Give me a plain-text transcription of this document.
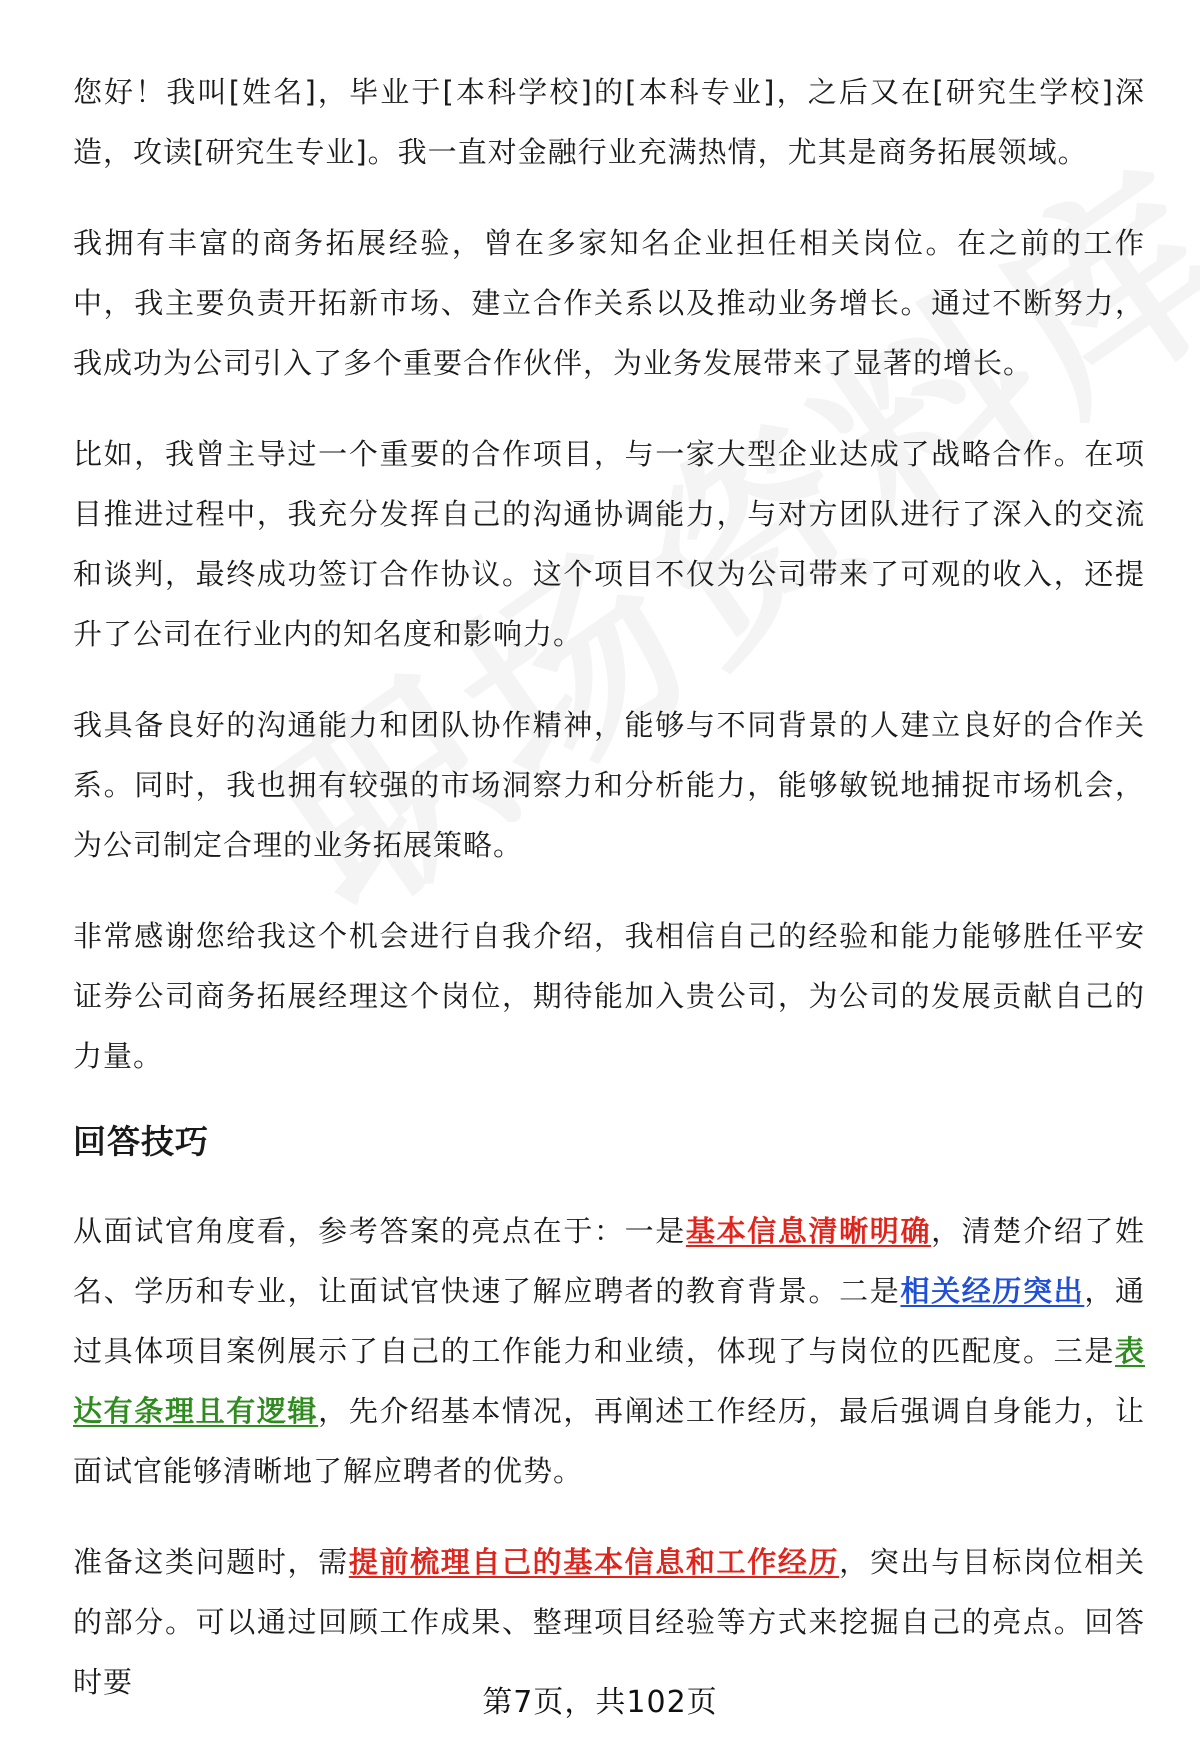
您好！我叫[姓名]，毕业于[本科学校]的[本科专业]，之后又在[研究生学校]深造，攻读[研究生专业]。我一直对金融行业充满热情，尤其是商务拓展领域。

我拥有丰富的商务拓展经验，曾在多家知名企业担任相关岗位。在之前的工作中，我主要负责开拓新市场、建立合作关系以及推动业务增长。通过不断努力，我成功为公司引入了多个重要合作伙伴，为业务发展带来了显著的增长。

比如，我曾主导过一个重要的合作项目，与一家大型企业达成了战略合作。在项目推进过程中，我充分发挥自己的沟通协调能力，与对方团队进行了深入的交流和谈判，最终成功签订合作协议。这个项目不仅为公司带来了可观的收入，还提升了公司在行业内的知名度和影响力。

我具备良好的沟通能力和团队协作精神，能够与不同背景的人建立良好的合作关系。同时，我也拥有较强的市场洞察力和分析能力，能够敏锐地捕捉市场机会，为公司制定合理的业务拓展策略。

非常感谢您给我这个机会进行自我介绍，我相信自己的经验和能力能够胜任平安证券公司商务拓展经理这个岗位，期待能加入贵公司，为公司的发展贡献自己的力量。

回答技巧

从面试官角度看，参考答案的亮点在于：一是基本信息清晰明确，清楚介绍了姓名、学历和专业，让面试官快速了解应聘者的教育背景。二是相关经历突出，通过具体项目案例展示了自己的工作能力和业绩，体现了与岗位的匹配度。三是表达有条理且有逻辑，先介绍基本情况，再阐述工作经历，最后强调自身能力，让面试官能够清晰地了解应聘者的优势。

准备这类问题时，需提前梳理自己的基本信息和工作经历，突出与目标岗位相关的部分。可以通过回顾工作成果、整理项目经验等方式来挖掘自己的亮点。回答时要

第7页，共102页
